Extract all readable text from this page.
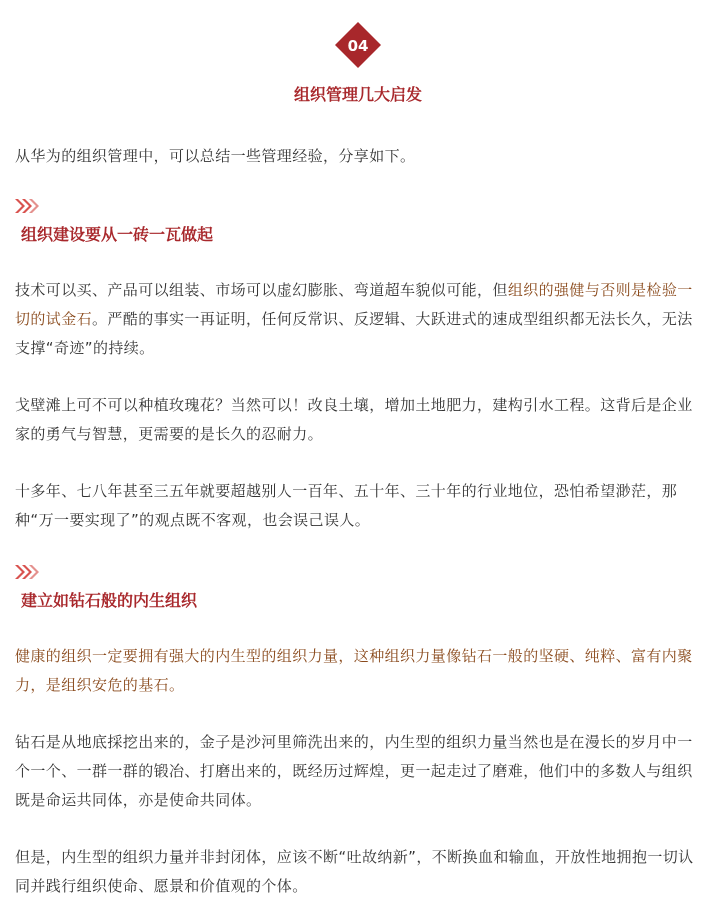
04
组织管理几大启发

从华为的组织管理中，可以总结一些管理经验，分享如下。

组织建设要从一砖一瓦做起

技术可以买、产品可以组装、市场可以虚幻膨胀、弯道超车貌似可能，但组织的强健与否则是检验一切的试金石。严酷的事实一再证明，任何反常识、反逻辑、大跃进式的速成型组织都无法长久，无法支撑“奇迹”的持续。

戈壁滩上可不可以种植玫瑰花？当然可以！改良土壤，增加土地肥力，建构引水工程。这背后是企业家的勇气与智慧，更需要的是长久的忍耐力。

十多年、七八年甚至三五年就要超越别人一百年、五十年、三十年的行业地位，恐怕希望渺茫，那种“万一要实现了”的观点既不客观，也会误己误人。

建立如钻石般的内生组织

健康的组织一定要拥有强大的内生型的组织力量，这种组织力量像钻石一般的坚硬、纯粹、富有内聚力，是组织安危的基石。

钻石是从地底採挖出来的，金子是沙河里筛洗出来的，内生型的组织力量当然也是在漫长的岁月中一个一个、一群一群的锻冶、打磨出来的，既经历过辉煌，更一起走过了磨难，他们中的多数人与组织既是命运共同体，亦是使命共同体。

但是，内生型的组织力量并非封闭体，应该不断“吐故纳新”，不断换血和输血，开放性地拥抱一切认同并践行组织使命、愿景和价值观的个体。
